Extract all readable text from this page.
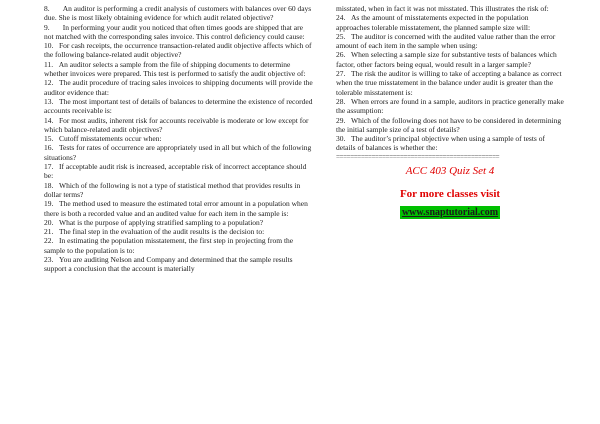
8.       An auditor is performing a credit analysis of customers with balances over 60 days due. She is most likely obtaining evidence for which audit related objective?

9.       In performing your audit you noticed that often times goods are shipped that are not matched with the corresponding sales invoice. This control deficiency could cause:

10.   For cash receipts, the occurrence transaction-related audit objective affects which of the following balance-related audit objective?

11.   An auditor selects a sample from the file of shipping documents to determine whether invoices were prepared. This test is performed to satisfy the audit objective of:

12.   The audit procedure of tracing sales invoices to shipping documents will provide the auditor evidence that:

13.   The most important test of details of balances to determine the existence of recorded accounts receivable is:

14.   For most audits, inherent risk for accounts receivable is moderate or low except for which balance-related audit objectives?

15.   Cutoff misstatements occur when:

16.   Tests for rates of occurrence are appropriately used in all but which of the following situations?

17.   If acceptable audit risk is increased, acceptable risk of incorrect acceptance should be:

18.   Which of the following is not a type of statistical method that provides results in dollar terms?

19.   The method used to measure the estimated total error amount in a population when there is both a recorded value and an audited value for each item in the sample is:

20.   What is the purpose of applying stratified sampling to a population?

21.   The final step in the evaluation of the audit results is the decision to:

22.   In estimating the population misstatement, the first step in projecting from the sample to the population is to:

23.   You are auditing Nelson and Company and determined that the sample results support a conclusion that the account is materially

misstated, when in fact it was not misstated. This illustrates the risk of:

24.   As the amount of misstatements expected in the population approaches tolerable misstatement, the planned sample size will:

25.   The auditor is concerned with the audited value rather than the error amount of each item in the sample when using:

26.   When selecting a sample size for substantive tests of balances which factor, other factors being equal, would result in a larger sample?

27.   The risk the auditor is willing to take of accepting a balance as correct when the true misstatement in the balance under audit is greater than the tolerable misstatement is:

28.   When errors are found in a sample, auditors in practice generally make the assumption:

29.   Which of the following does not have to be considered in determining the initial sample size of a test of details?

30.   The auditor’s principal objective when using a sample of tests of details of balances is whether the:

==============================================

ACC 403 Quiz Set 4
For more classes visit
www.snaptutorial.com
